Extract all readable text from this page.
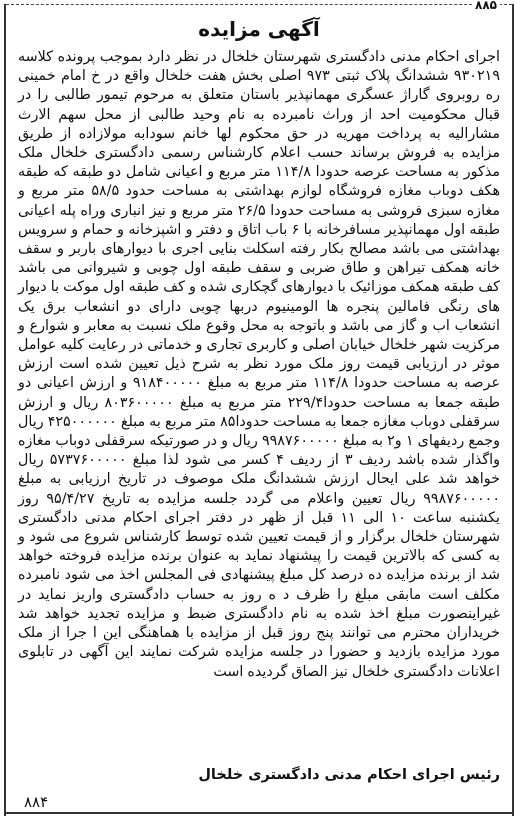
۸۸۵
آگهی مزایده

اجرای احکام مدنی دادگستری شهرستان خلخال در نظر دارد بموجب پرونده کلاسه ۹۳۰۲۱۹ ششدانگ پلاک ثبتی ۹۷۳ اصلی بخش هفت خلخال واقع در خ امام خمینی ره روبروی گاراژ عسگری مهمانپذیر باستان متعلق به مرحوم تیمور طالبی را در قبال محکومیت احد از وراث نامبرده به نام وحید طالبی از محل سهم الارث مشارالیه به پرداخت مهریه در حق محکوم لها خانم سودابه مولازاده از طریق مزایده به فروش برساند حسب اعلام کارشناس رسمی دادگستری خلخال ملک مذکور به مساحت عرصه حدودا ۱۱۴/۸ متر مربع و اعیانی شامل دو طبقه که طبقه هکف دوباب مغازه فروشگاه لوازم بهداشتی به مساحت حدود ۵۸/۵ متر مربع و مغازه سبزی فروشی به مساحت حدودا ۲۶/۵ متر مربع و نیز انباری وراه پله اعیانی طبقه اول مهمانپذیر مسافرخانه با ۶ باب اتاق و دفتر و اشپزخانه و حمام و سرویس بهداشتی می باشد مصالح بکار رفته اسکلت بنایی اجری با دیوارهای باربر و سقف خانه همکف تیراهن و طاق ضربی و سقف طبقه اول چوبی و شیروانی می باشد کف طبقه همکف موزائیک با دیوارهای گچکاری شده و کف طبقه اول موکت با دیوار های رنگی فامالین پنجره ها الومینیوم دربها چوبی دارای دو انشعاب برق یک انشعاب اب و گاز می باشد و باتوجه به محل وقوع ملک نسبت به معابر و شوارع و مرکزیت شهر خلخال خیابان اصلی و کاربری تجاری و خدماتی در رعایت کلیه عوامل موثر در ارزیابی قیمت روز ملک مورد نظر به شرح ذیل تعیین شده است ارزش عرصه به مساحت حدودا ۱۱۴/۸ متر مربع به مبلغ ۹۱۸۴۰۰۰۰۰ و ارزش اعیانی دو طبقه جمعا به مساحت حدودا۲۲۹/۴ متر مربع به مبلغ ۸۰۳۶۰۰۰۰۰ ریال و ارزش سرقفلی دوباب مغازه جمعا به مساحت حدودا۸۵ متر مربع به مبلغ ۴۲۵۰۰۰۰۰۰ ریال وجمع ردیفهای ۱ و۲ به مبلغ ۹۹۸۷۶۰۰۰۰۰ ریال و در صورتیکه سرقفلی دوباب مغازه واگذار شده باشد ردیف ۳ از ردیف ۴ کسر می شود لذا مبلغ ۵۷۳۷۶۰۰۰۰۰ ریال خواهد شد علی ایحال ارزش ششدانگ ملک موصوف در تاریخ ارزیابی به مبلغ ۹۹۸۷۶۰۰۰۰۰ ریال تعیین واعلام می گردد جلسه مزایده به تاریخ ۹۵/۴/۲۷ روز یکشنبه ساعت ۱۰ الی ۱۱ قبل از ظهر در دفتر اجرای احکام مدنی دادگستری شهرستان خلخال برگزار و از قیمت تعیین شده توسط کارشناس شروع می شود و به کسی که بالاترین قیمت را پیشنهاد نماید به عنوان برنده مزایده فروخته خواهد شد از برنده مزایده ده درصد کل مبلغ پیشنهادی فی المجلس اخذ می شود نامبرده مکلف است مابقی مبلغ را ظرف د ه روز به حساب دادگستری واریز نماید در غیراینصورت مبلغ اخذ شده به نام دادگستری ضبط و مزایده تجدید خواهد شد خریداران محترم می توانند پنج روز قبل از مزایده با هماهنگی این ا جرا از ملک مورد مزایده بازدید و حضورا در جلسه مزایده شرکت نمایند این آگهی در تابلوی اعلانات دادگستری خلخال نیز الصاق گردیده است

رئیس اجرای احکام مدنی دادگستری خلخال

۸۸۴
